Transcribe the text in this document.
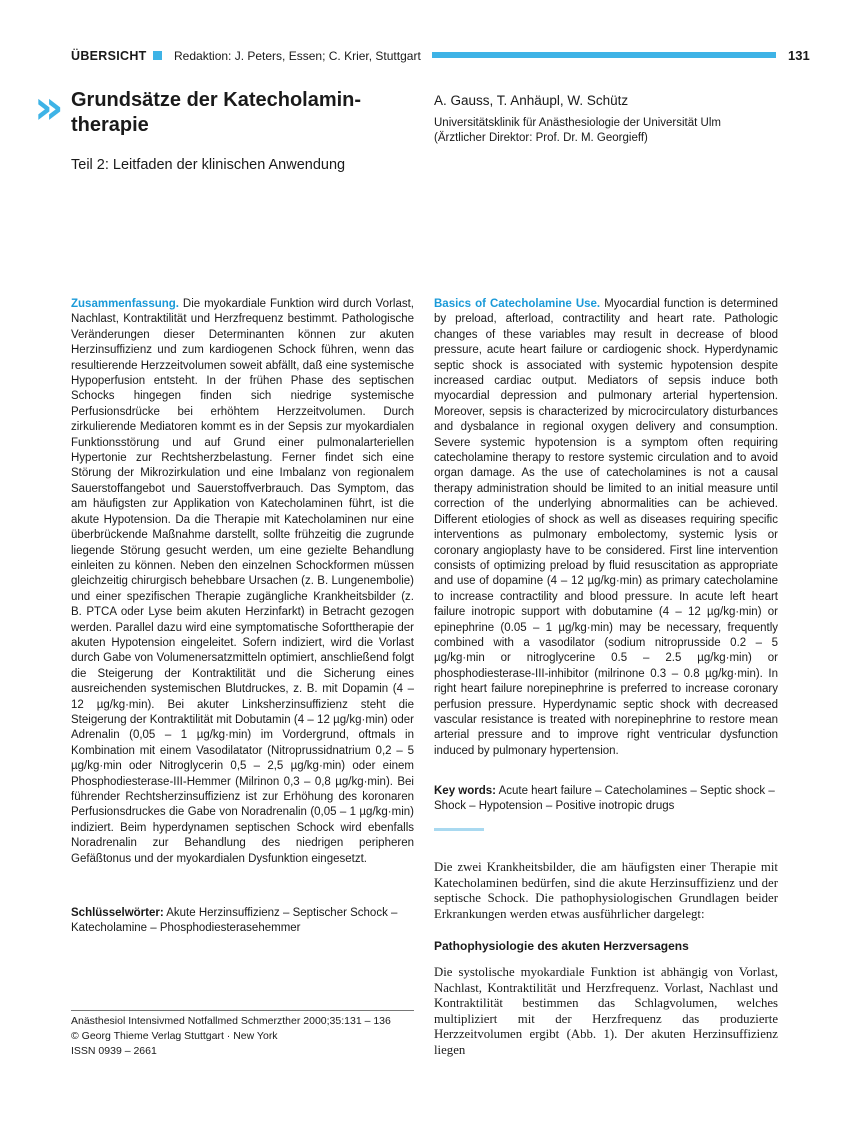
ÜBERSICHT Redaktion: J. Peters, Essen; C. Krier, Stuttgart	131
» Grundsätze der Katecholamin-therapie
Teil 2: Leitfaden der klinischen Anwendung
A. Gauss, T. Anhäupl, W. Schütz
Universitätsklinik für Anästhesiologie der Universität Ulm
(Ärztlicher Direktor: Prof. Dr. M. Georgieff)
Zusammenfassung. Die myokardiale Funktion wird durch Vorlast, Nachlast, Kontraktilität und Herzfrequenz bestimmt. Pathologische Veränderungen dieser Determinanten können zur akuten Herzinsuffizienz und zum kardiogenen Schock führen, wenn das resultierende Herzzeitvolumen soweit abfällt, daß eine systemische Hypoperfusion entsteht. In der frühen Phase des septischen Schocks hingegen finden sich niedrige systemische Perfusionsdrücke bei erhöhtem Herzzeitvolumen. Durch zirkulierende Mediatoren kommt es in der Sepsis zur myokardialen Funktionsstörung und auf Grund einer pulmonalarteriellen Hypertonie zur Rechtsherzbelastung. Ferner findet sich eine Störung der Mikrozirkulation und eine Imbalanz von regionalem Sauerstoffangebot und Sauerstoffverbrauch. Das Symptom, das am häufigsten zur Applikation von Katecholaminen führt, ist die akute Hypotension. Da die Therapie mit Katecholaminen nur eine überbrückende Maßnahme darstellt, sollte frühzeitig die zugrunde liegende Störung gesucht werden, um eine gezielte Behandlung einleiten zu können. Neben den einzelnen Schockformen müssen gleichzeitig chirurgisch behebbare Ursachen (z. B. Lungenembolie) und einer spezifischen Therapie zugängliche Krankheitsbilder (z. B. PTCA oder Lyse beim akuten Herzinfarkt) in Betracht gezogen werden. Parallel dazu wird eine symptomatische Soforttherapie der akuten Hypotension eingeleitet. Sofern indiziert, wird die Vorlast durch Gabe von Volumenersatzmitteln optimiert, anschließend folgt die Steigerung der Kontraktilität und die Sicherung eines ausreichenden systemischen Blutdruckes, z. B. mit Dopamin (4 – 12 µg/kg·min). Bei akuter Linksherzinsuffizienz steht die Steigerung der Kontraktilität mit Dobutamin (4 – 12 µg/kg·min) oder Adrenalin (0,05 – 1 µg/kg·min) im Vordergrund, oftmals in Kombination mit einem Vasodilatator (Nitroprussidnatrium 0,2 – 5 µg/kg·min oder Nitroglycerin 0,5 – 2,5 µg/kg·min) oder einem Phosphodiesterase-III-Hemmer (Milrinon 0,3 – 0,8 µg/kg·min). Bei führender Rechtsherzinsuffizienz ist zur Erhöhung des koronaren Perfusionsdruckes die Gabe von Noradrenalin (0,05 – 1 µg/kg·min) indiziert. Beim hyperdynamen septischen Schock wird ebenfalls Noradrenalin zur Behandlung des niedrigen peripheren Gefäßtonus und der myokardialen Dysfunktion eingesetzt.
Schlüsselwörter: Akute Herzinsuffizienz – Septischer Schock – Katecholamine – Phosphodiesterasehemmer
Basics of Catecholamine Use. Myocardial function is determined by preload, afterload, contractility and heart rate. Pathologic changes of these variables may result in decrease of blood pressure, acute heart failure or cardiogenic shock. Hyperdynamic septic shock is associated with systemic hypotension despite increased cardiac output. Mediators of sepsis induce both myocardial depression and pulmonary arterial hypertension. Moreover, sepsis is characterized by microcirculatory disturbances and dysbalance in regional oxygen delivery and consumption. Severe systemic hypotension is a symptom often requiring catecholamine therapy to restore systemic circulation and to avoid organ damage. As the use of catecholamines is not a causal therapy administration should be limited to an initial measure until correction of the underlying abnormalities can be achieved. Different etiologies of shock as well as diseases requiring specific interventions as pulmonary embolectomy, systemic lysis or coronary angioplasty have to be considered. First line intervention consists of optimizing preload by fluid resuscitation as appropriate and use of dopamine (4 – 12 µg/kg·min) as primary catecholamine to increase contractility and blood pressure. In acute left heart failure inotropic support with dobutamine (4 – 12 µg/kg·min) or epinephrine (0.05 – 1 µg/kg·min) may be necessary, frequently combined with a vasodilator (sodium nitroprusside 0.2 – 5 µg/kg·min or nitroglycerine 0.5 – 2.5 µg/kg·min) or phosphodiesterase-III-inhibitor (milrinone 0.3 – 0.8 µg/kg·min). In right heart failure norepinephrine is preferred to increase coronary perfusion pressure. Hyperdynamic septic shock with decreased vascular resistance is treated with norepinephrine to restore mean arterial pressure and to improve right ventricular dysfunction induced by pulmonary hypertension.
Key words: Acute heart failure – Catecholamines – Septic shock – Shock – Hypotension – Positive inotropic drugs
Die zwei Krankheitsbilder, die am häufigsten einer Therapie mit Katecholaminen bedürfen, sind die akute Herzinsuffizienz und der septische Schock. Die pathophysiologischen Grundlagen beider Erkrankungen werden etwas ausführlicher dargelegt:
Pathophysiologie des akuten Herzversagens
Die systolische myokardiale Funktion ist abhängig von Vorlast, Nachlast, Kontraktilität und Herzfrequenz. Vorlast, Nachlast und Kontraktilität bestimmen das Schlagvolumen, welches multipliziert mit der Herzfrequenz das produzierte Herzzeitvolumen ergibt (Abb. 1). Der akuten Herzinsuffizienz liegen
Anästhesiol Intensivmed Notfallmed Schmerzther 2000;35:131 – 136
© Georg Thieme Verlag Stuttgart · New York
ISSN 0939 – 2661
